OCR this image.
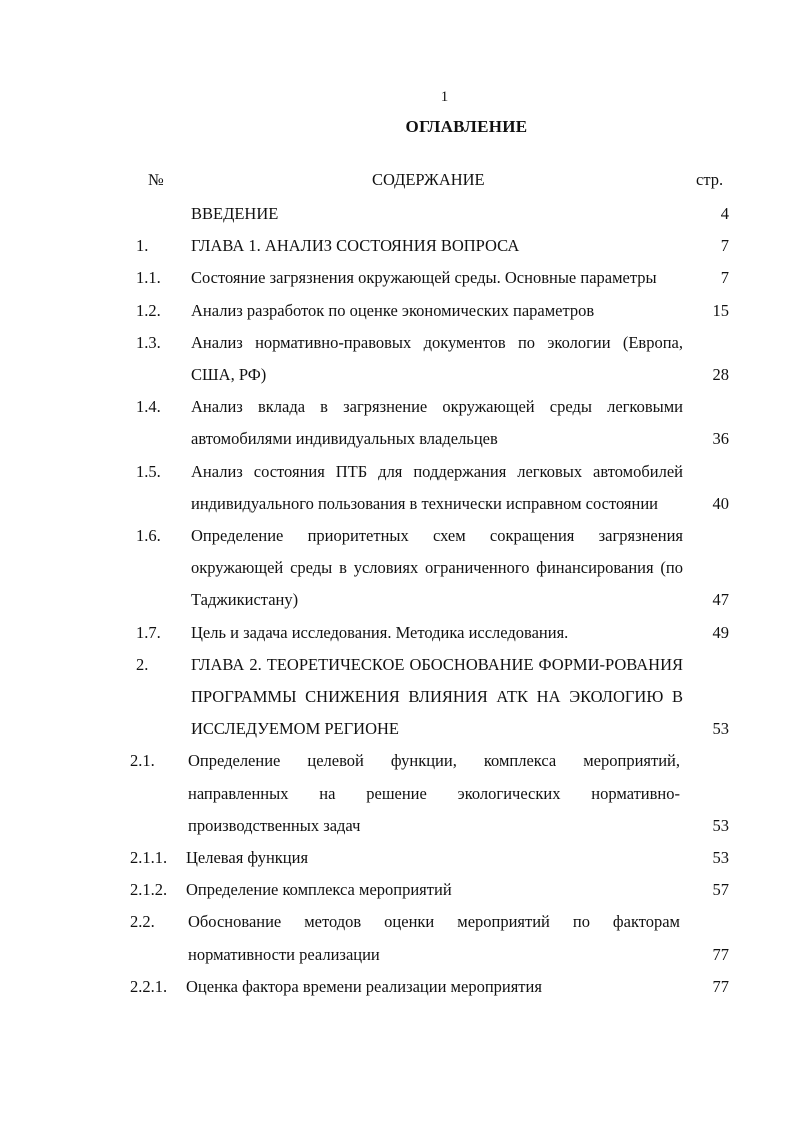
1
ОГЛАВЛЕНИЕ
№	СОДЕРЖАНИЕ	стр.
ВВЕДЕНИЕ	4
1.	ГЛАВА 1. АНАЛИЗ СОСТОЯНИЯ ВОПРОСА	7
1.1. Состояние загрязнения окружающей среды. Основные параметры	7
1.2. Анализ разработок по оценке экономических параметров	15
1.3. Анализ нормативно-правовых документов по экологии (Европа, США, РФ)	28
1.4. Анализ вклада в загрязнение окружающей среды легковыми автомобилями индивидуальных владельцев	36
1.5. Анализ состояния ПТБ для поддержания легковых автомобилей индивидуального пользования в технически исправном состоянии	40
1.6. Определение приоритетных схем сокращения загрязнения окружающей среды в условиях ограниченного финансирования (по Таджикистану)	47
1.7. Цель и задача исследования. Методика исследования.	49
2.	ГЛАВА 2. ТЕОРЕТИЧЕСКОЕ ОБОСНОВАНИЕ ФОРМИ-РОВАНИЯ ПРОГРАММЫ СНИЖЕНИЯ ВЛИЯНИЯ АТК НА ЭКОЛОГИЮ В ИССЛЕДУЕМОМ РЕГИОНЕ	53
2.1. Определение целевой функции, комплекса мероприятий, направленных на решение экологических нормативно-производственных задач	53
2.1.1. Целевая функция	53
2.1.2. Определение комплекса мероприятий	57
2.2. Обоснование методов оценки мероприятий по факторам нормативности реализации	77
2.2.1. Оценка фактора времени реализации мероприятия	77
